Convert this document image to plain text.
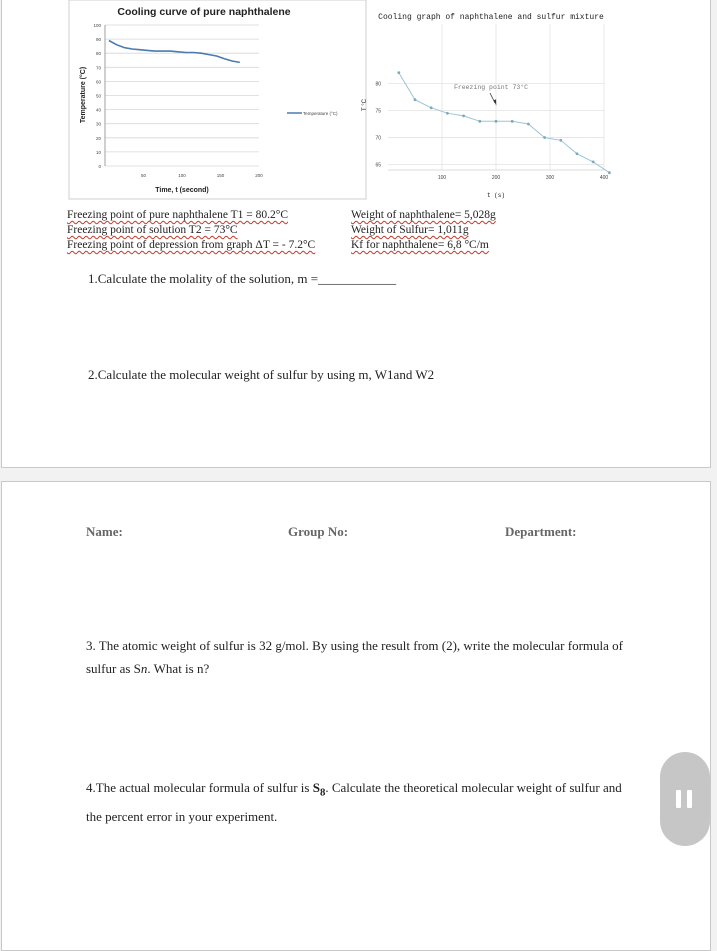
Cooling curve of pure naphthalene
0
10
20
30
40
50
60
70
80
90
100
50	100	150	200
Time, t (second)
Temperature (°C)	Temperature (°C)
Cooling graph of naphthalene and sulfur mixture
65
70
75
80
100	200	300	400
t (s)
T °C
Freezing point 73°C
Freezing point of pure naphthalene T1 = 80.2°C
Freezing point of solution T2 = 73°C
Freezing point of depression from graph ΔT = - 7.2°C
Weight of naphthalene= 5,028g
Weight of Sulfur= 1,011g
Kf for naphthalene= 6,8 °C/m
1.Calculate the molality of the solution, m =____________
2.Calculate the molecular weight of sulfur by using m, W1and W2
Name:	Group No:	Department:
3. The atomic weight of sulfur is 32 g/mol. By using the result from (2), write the molecular formula of sulfur as Sn. What is n?
4.The actual molecular formula of sulfur is $S_8$. Calculate the theoretical molecular weight of sulfur and the percent error in your experiment.
